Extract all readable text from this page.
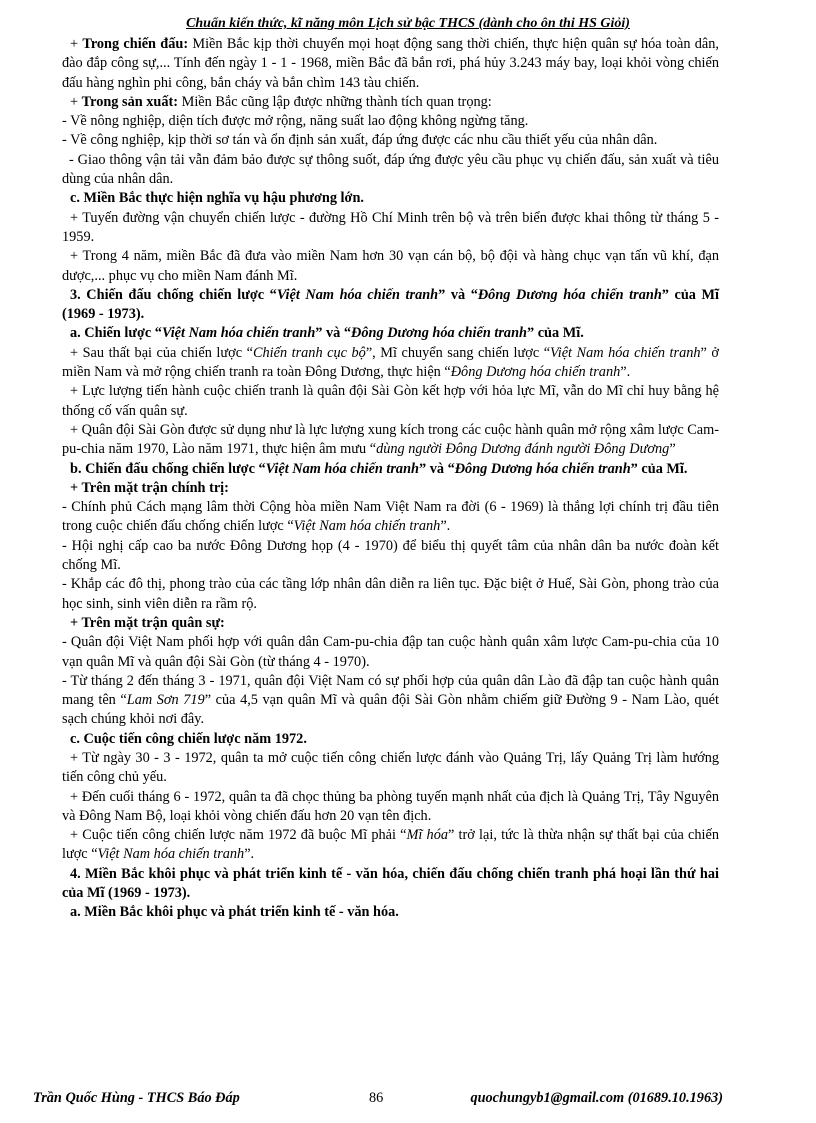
Chuẩn kiến thức, kĩ năng môn Lịch sử bậc THCS (dành cho ôn thi HS Giỏi)

+ Trong chiến đấu: Miền Bắc kịp thời chuyển mọi hoạt động sang thời chiến, thực hiện quân sự hóa toàn dân, đào đắp công sự,... Tính đến ngày 1 - 1 - 1968, miền Bắc đã bắn rơi, phá hủy 3.243 máy bay, loại khỏi vòng chiến đấu hàng nghìn phi công, bắn cháy và bắn chìm 143 tàu chiến.

+ Trong sản xuất: Miền Bắc cũng lập được những thành tích quan trọng:

- Về nông nghiệp, diện tích được mở rộng, năng suất lao động không ngừng tăng.

- Về công nghiệp, kịp thời sơ tán và ổn định sản xuất, đáp ứng được các nhu cầu thiết yếu của nhân dân.

- Giao thông vận tải vẫn đảm bảo được sự thông suốt, đáp ứng được yêu cầu phục vụ chiến đấu, sản xuất và tiêu dùng của nhân dân.

c. Miền Bắc thực hiện nghĩa vụ hậu phương lớn.

+ Tuyến đường vận chuyển chiến lược - đường Hồ Chí Minh trên bộ và trên biển được khai thông từ tháng 5 - 1959.

+ Trong 4 năm, miền Bắc đã đưa vào miền Nam hơn 30 vạn cán bộ, bộ đội và hàng chục vạn tấn vũ khí, đạn dược,... phục vụ cho miền Nam đánh Mĩ.

3. Chiến đấu chống chiến lược “Việt Nam hóa chiến tranh” và “Đông Dương hóa chiến tranh” của Mĩ (1969 - 1973).

a. Chiến lược “Việt Nam hóa chiến tranh” và “Đông Dương hóa chiến tranh” của Mĩ.

+ Sau thất bại của chiến lược “Chiến tranh cục bộ”, Mĩ chuyển sang chiến lược “Việt Nam hóa chiến tranh” ở miền Nam và mở rộng chiến tranh ra toàn Đông Dương, thực hiện “Đông Dương hóa chiến tranh”.

+ Lực lượng tiến hành cuộc chiến tranh là quân đội Sài Gòn kết hợp với hỏa lực Mĩ, vẫn do Mĩ chỉ huy bằng hệ thống cố vấn quân sự.

+ Quân đội Sài Gòn được sử dụng như là lực lượng xung kích trong các cuộc hành quân mở rộng xâm lược Cam-pu-chia năm 1970, Lào năm 1971, thực hiện âm mưu “dùng người Đông Dương đánh người Đông Dương”

b. Chiến đấu chống chiến lược “Việt Nam hóa chiến tranh” và “Đông Dương hóa chiến tranh” của Mĩ.

+ Trên mặt trận chính trị:

- Chính phủ Cách mạng lâm thời Cộng hòa miền Nam Việt Nam ra đời (6 - 1969) là thắng lợi chính trị đầu tiên trong cuộc chiến đấu chống chiến lược “Việt Nam hóa chiến tranh”.

- Hội nghị cấp cao ba nước Đông Dương họp (4 - 1970) để biểu thị quyết tâm của nhân dân ba nước đoàn kết chống Mĩ.

- Khắp các đô thị, phong trào của các tầng lớp nhân dân diễn ra liên tục. Đặc biệt ở Huế, Sài Gòn, phong trào của học sinh, sinh viên diễn ra rầm rộ.

+ Trên mặt trận quân sự:

- Quân đội Việt Nam phối hợp với quân dân Cam-pu-chia đập tan cuộc hành quân xâm lược Cam-pu-chia của 10 vạn quân Mĩ và quân đội Sài Gòn (từ tháng 4 - 1970).

- Từ tháng 2 đến tháng 3 - 1971, quân đội Việt Nam có sự phối hợp của quân dân Lào đã đập tan cuộc hành quân mang tên “Lam Sơn 719” của 4,5 vạn quân Mĩ và quân đội Sài Gòn nhằm chiếm giữ Đường 9 - Nam Lào, quét sạch chúng khỏi nơi đây.

c. Cuộc tiến công chiến lược năm 1972.

+ Từ ngày 30 - 3 - 1972, quân ta mở cuộc tiến công chiến lược đánh vào Quảng Trị, lấy Quảng Trị làm hướng tiến công chủ yếu.

+ Đến cuối tháng 6 - 1972, quân ta đã chọc thủng ba phòng tuyến mạnh nhất của địch là Quảng Trị, Tây Nguyên và Đông Nam Bộ, loại khỏi vòng chiến đấu hơn 20 vạn tên địch.

+ Cuộc tiến công chiến lược năm 1972 đã buộc Mĩ phải “Mĩ hóa” trở lại, tức là thừa nhận sự thất bại của chiến lược “Việt Nam hóa chiến tranh”.

4. Miền Bắc khôi phục và phát triển kinh tế - văn hóa, chiến đấu chống chiến tranh phá hoại lần thứ hai của Mĩ (1969 - 1973).

a. Miền Bắc khôi phục và phát triển kinh tế - văn hóa.

Trần Quốc Hùng - THCS Báo Đáp	86	quochungyb1@gmail.com (01689.10.1963)
